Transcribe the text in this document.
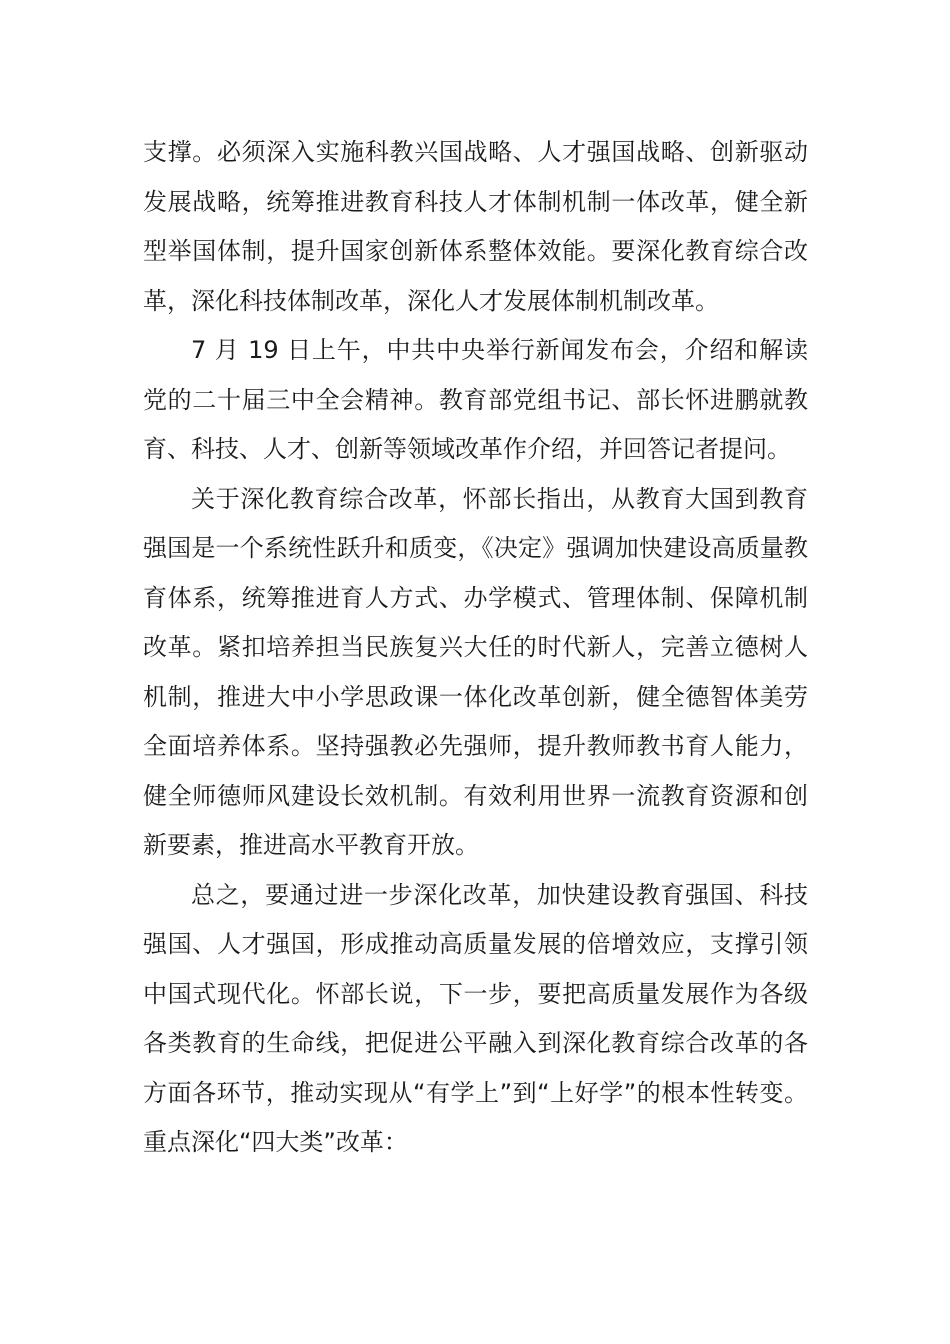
支撑。必须深入实施科教兴国战略、人才强国战略、创新驱动发展战略，统筹推进教育科技人才体制机制一体改革，健全新型举国体制，提升国家创新体系整体效能。要深化教育综合改革，深化科技体制改革，深化人才发展体制机制改革。

7 月 19 日上午，中共中央举行新闻发布会，介绍和解读党的二十届三中全会精神。教育部党组书记、部长怀进鹏就教育、科技、人才、创新等领域改革作介绍，并回答记者提问。

关于深化教育综合改革，怀部长指出，从教育大国到教育强国是一个系统性跃升和质变，《决定》强调加快建设高质量教育体系，统筹推进育人方式、办学模式、管理体制、保障机制改革。紧扣培养担当民族复兴大任的时代新人，完善立德树人机制，推进大中小学思政课一体化改革创新，健全德智体美劳全面培养体系。坚持强教必先强师，提升教师教书育人能力，健全师德师风建设长效机制。有效利用世界一流教育资源和创新要素，推进高水平教育开放。

总之，要通过进一步深化改革，加快建设教育强国、科技强国、人才强国，形成推动高质量发展的倍增效应，支撑引领中国式现代化。怀部长说，下一步，要把高质量发展作为各级各类教育的生命线，把促进公平融入到深化教育综合改革的各方面各环节，推动实现从“有学上”到“上好学”的根本性转变。重点深化“四大类”改革：
